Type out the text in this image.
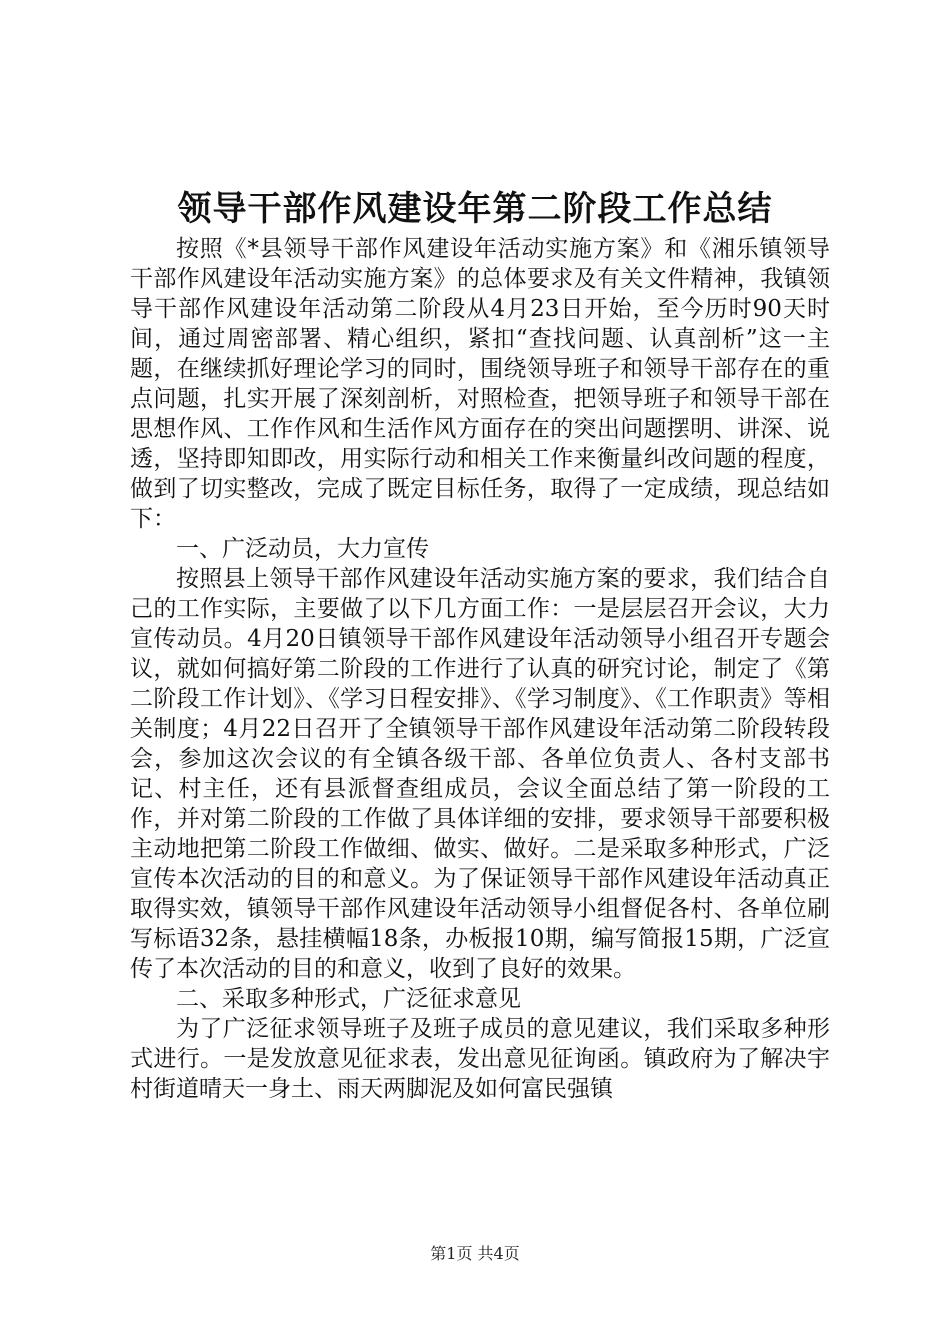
领导干部作风建设年第二阶段工作总结

按照《*县领导干部作风建设年活动实施方案》和《湘乐镇领导干部作风建设年活动实施方案》的总体要求及有关文件精神，我镇领导干部作风建设年活动第二阶段从4月23日开始，至今历时90天时间，通过周密部署、精心组织，紧扣“查找问题、认真剖析”这一主题，在继续抓好理论学习的同时，围绕领导班子和领导干部存在的重点问题，扎实开展了深刻剖析，对照检查，把领导班子和领导干部在思想作风、工作作风和生活作风方面存在的突出问题摆明、讲深、说透，坚持即知即改，用实际行动和相关工作来衡量纠改问题的程度，做到了切实整改，完成了既定目标任务，取得了一定成绩，现总结如下：

一、广泛动员，大力宣传

按照县上领导干部作风建设年活动实施方案的要求，我们结合自己的工作实际，主要做了以下几方面工作：一是层层召开会议，大力宣传动员。4月20日镇领导干部作风建设年活动领导小组召开专题会议，就如何搞好第二阶段的工作进行了认真的研究讨论，制定了《第二阶段工作计划》、《学习日程安排》、《学习制度》、《工作职责》等相关制度；4月22日召开了全镇领导干部作风建设年活动第二阶段转段会，参加这次会议的有全镇各级干部、各单位负责人、各村支部书记、村主任，还有县派督查组成员，会议全面总结了第一阶段的工作，并对第二阶段的工作做了具体详细的安排，要求领导干部要积极主动地把第二阶段工作做细、做实、做好。二是采取多种形式，广泛宣传本次活动的目的和意义。为了保证领导干部作风建设年活动真正取得实效，镇领导干部作风建设年活动领导小组督促各村、各单位刷写标语32条，悬挂横幅18条，办板报10期，编写简报15期，广泛宣传了本次活动的目的和意义，收到了良好的效果。

二、采取多种形式，广泛征求意见

为了广泛征求领导班子及班子成员的意见建议，我们采取多种形式进行。一是发放意见征求表，发出意见征询函。镇政府为了解决宇村街道晴天一身土、雨天两脚泥及如何富民强镇

第1页 共4页
